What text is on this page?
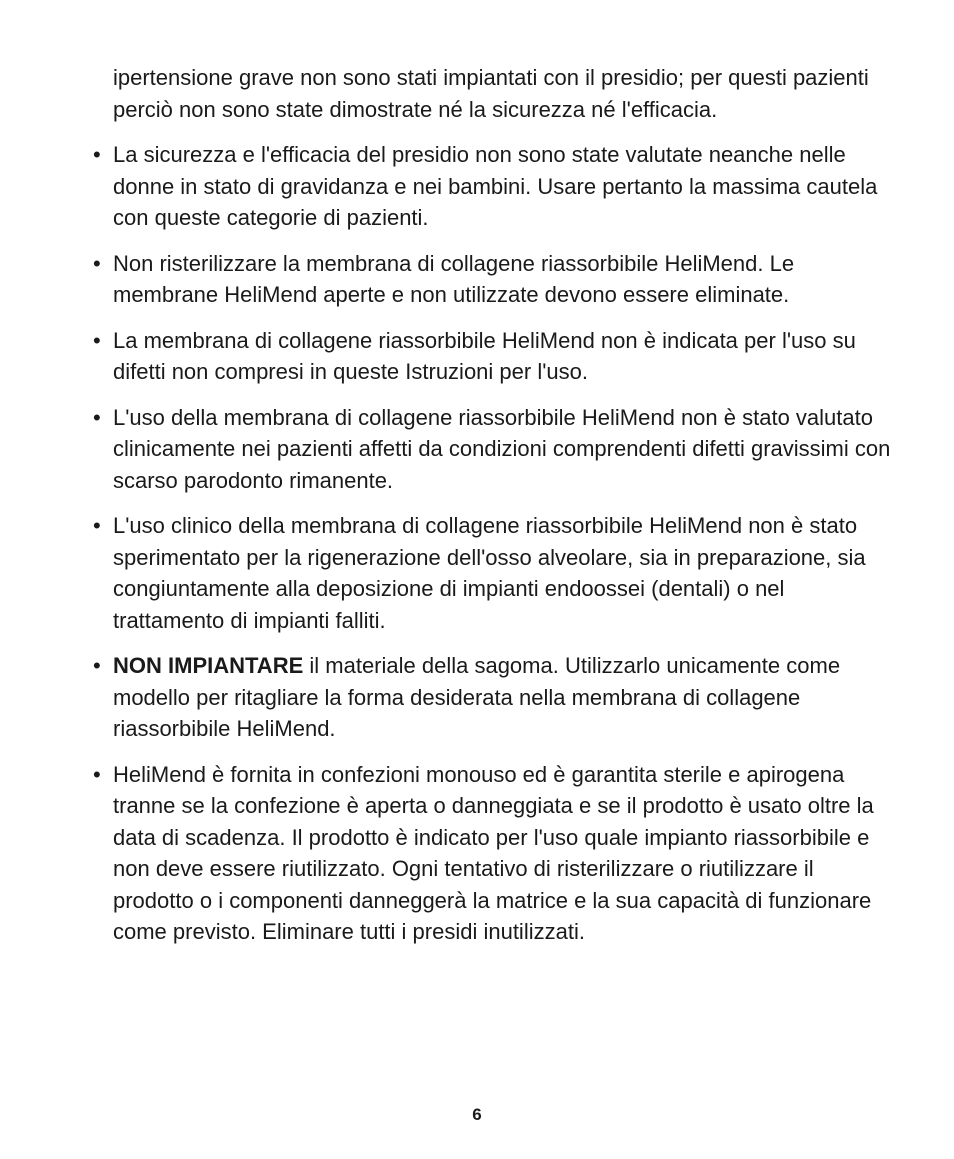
ipertensione grave non sono stati impiantati con il presidio; per questi pazienti perciò non sono state dimostrate né la sicurezza né l'efficacia.

• La sicurezza e l'efficacia del presidio non sono state valutate neanche nelle donne in stato di gravidanza e nei bambini. Usare pertanto la massima cautela con queste categorie di pazienti.
• Non risterilizzare la membrana di collagene riassorbibile HeliMend. Le membrane HeliMend aperte e non utilizzate devono essere eliminate.
• La membrana di collagene riassorbibile HeliMend non è indicata per l'uso su difetti non compresi in queste Istruzioni per l'uso.
• L'uso della membrana di collagene riassorbibile HeliMend non è stato valutato clinicamente nei pazienti affetti da condizioni comprendenti difetti gravissimi con scarso parodonto rimanente.
• L'uso clinico della membrana di collagene riassorbibile HeliMend non è stato sperimentato per la rigenerazione dell'osso alveolare, sia in preparazione, sia congiuntamente alla deposizione di impianti endoossei (dentali) o nel trattamento di impianti falliti.
• NON IMPIANTARE il materiale della sagoma. Utilizzarlo unicamente come modello per ritagliare la forma desiderata nella membrana di collagene riassorbibile HeliMend.
• HeliMend è fornita in confezioni monouso ed è garantita sterile e apirogena tranne se la confezione è aperta o danneggiata e se il prodotto è usato oltre la data di scadenza. Il prodotto è indicato per l'uso quale impianto riassorbibile e non deve essere riutilizzato. Ogni tentativo di risterilizzare o riutilizzare il prodotto o i componenti danneggerà la matrice e la sua capacità di funzionare come previsto. Eliminare tutti i presidi inutilizzati.
6
